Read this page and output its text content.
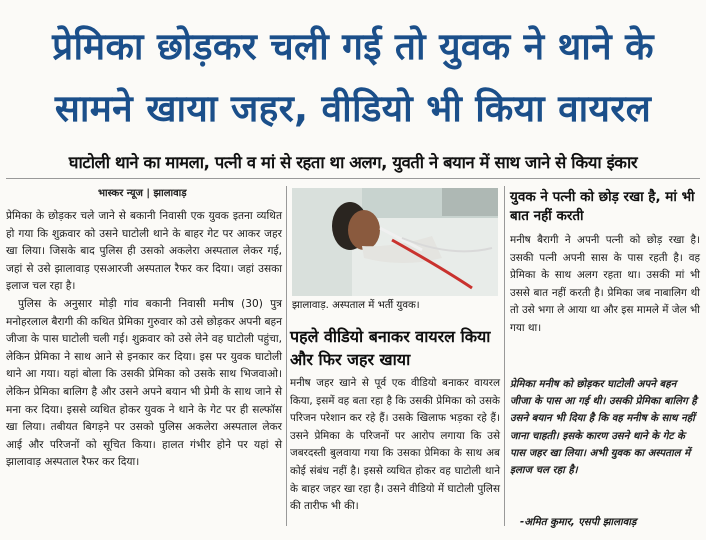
प्रेमिका छोड़कर चली गई तो युवक ने थाने के
सामने खाया जहर, वीडियो भी किया वायरल
घाटोली थाने का मामला, पत्नी व मां से रहता था अलग, युवती ने बयान में साथ जाने से किया इंकार
भास्कर न्यूज | झालावाड़

प्रेमिका के छोड़कर चले जाने से बकानी निवासी एक युवक इतना व्यथित हो गया कि शुक्रवार को उसने घाटोली थाने के बाहर गेट पर आकर जहर खा लिया। जिसके बाद पुलिस ही उसको अकलेरा अस्पताल लेकर गई, जहां से उसे झालावाड़ एसआरजी अस्पताल रैफर कर दिया। जहां उसका इलाज चल रहा है।

पुलिस के अनुसार मोड़ी गांव बकानी निवासी मनीष (30) पुत्र मनोहरलाल बैरागी की कथित प्रेमिका गुरुवार को उसे छोड़कर अपनी बहन जीजा के पास घाटोली चली गई। शुक्रवार को उसे लेने वह घाटोली पहुंचा, लेकिन प्रेमिका ने साथ आने से इनकार कर दिया। इस पर युवक घाटोली थाने आ गया। यहां बोला कि उसकी प्रेमिका को उसके साथ भिजवाओ। लेकिन प्रेमिका बालिग है और उसने अपने बयान भी प्रेमी के साथ जाने से मना कर दिया। इससे व्यथित होकर युवक ने थाने के गेट पर ही सल्फॉस खा लिया। तबीयत बिगड़ने पर उसको पुलिस अकलेरा अस्पताल लेकर आई और परिजनों को सूचित किया। हालत गंभीर होने पर यहां से झालावाड़ अस्पताल रैफर कर दिया।

झालावाड़. अस्पताल में भर्ती युवक।
पहले वीडियो बनाकर वायरल किया और फिर जहर खाया
मनीष जहर खाने से पूर्व एक वीडियो बनाकर वायरल किया, इसमें वह बता रहा है कि उसकी प्रेमिका को उसके परिजन परेशान कर रहे हैं। उसके खिलाफ भड़का रहे हैं। उसने प्रेमिका के परिजनों पर आरोप लगाया कि उसे जबरदस्ती बुलवाया गया कि उसका प्रेमिका के साथ अब कोई संबंध नहीं है। इससे व्यथित होकर वह घाटोली थाने के बाहर जहर खा रहा है। उसने वीडियो में घाटोली पुलिस की तारीफ भी की।
युवक ने पत्नी को छोड़ रखा है, मां भी बात नहीं करती
मनीष बैरागी ने अपनी पत्नी को छोड़ रखा है। उसकी पत्नी अपनी सास के पास रहती है। वह प्रेमिका के साथ अलग रहता था। उसकी मां भी उससे बात नहीं करती है। प्रेमिका जब नाबालिग थी तो उसे भगा ले आया था और इस मामले में जेल भी गया था।
प्रेमिका मनीष को छोड़कर घाटोली अपने बहन जीजा के पास आ गई थी। उसकी प्रेमिका बालिग है उसने बयान भी दिया है कि वह मनीष के साथ नहीं जाना चाहती। इसके कारण उसने थाने के गेट के पास जहर खा लिया। अभी युवक का अस्पताल में इलाज चल रहा है।
-अमित कुमार, एसपी झालावाड़
